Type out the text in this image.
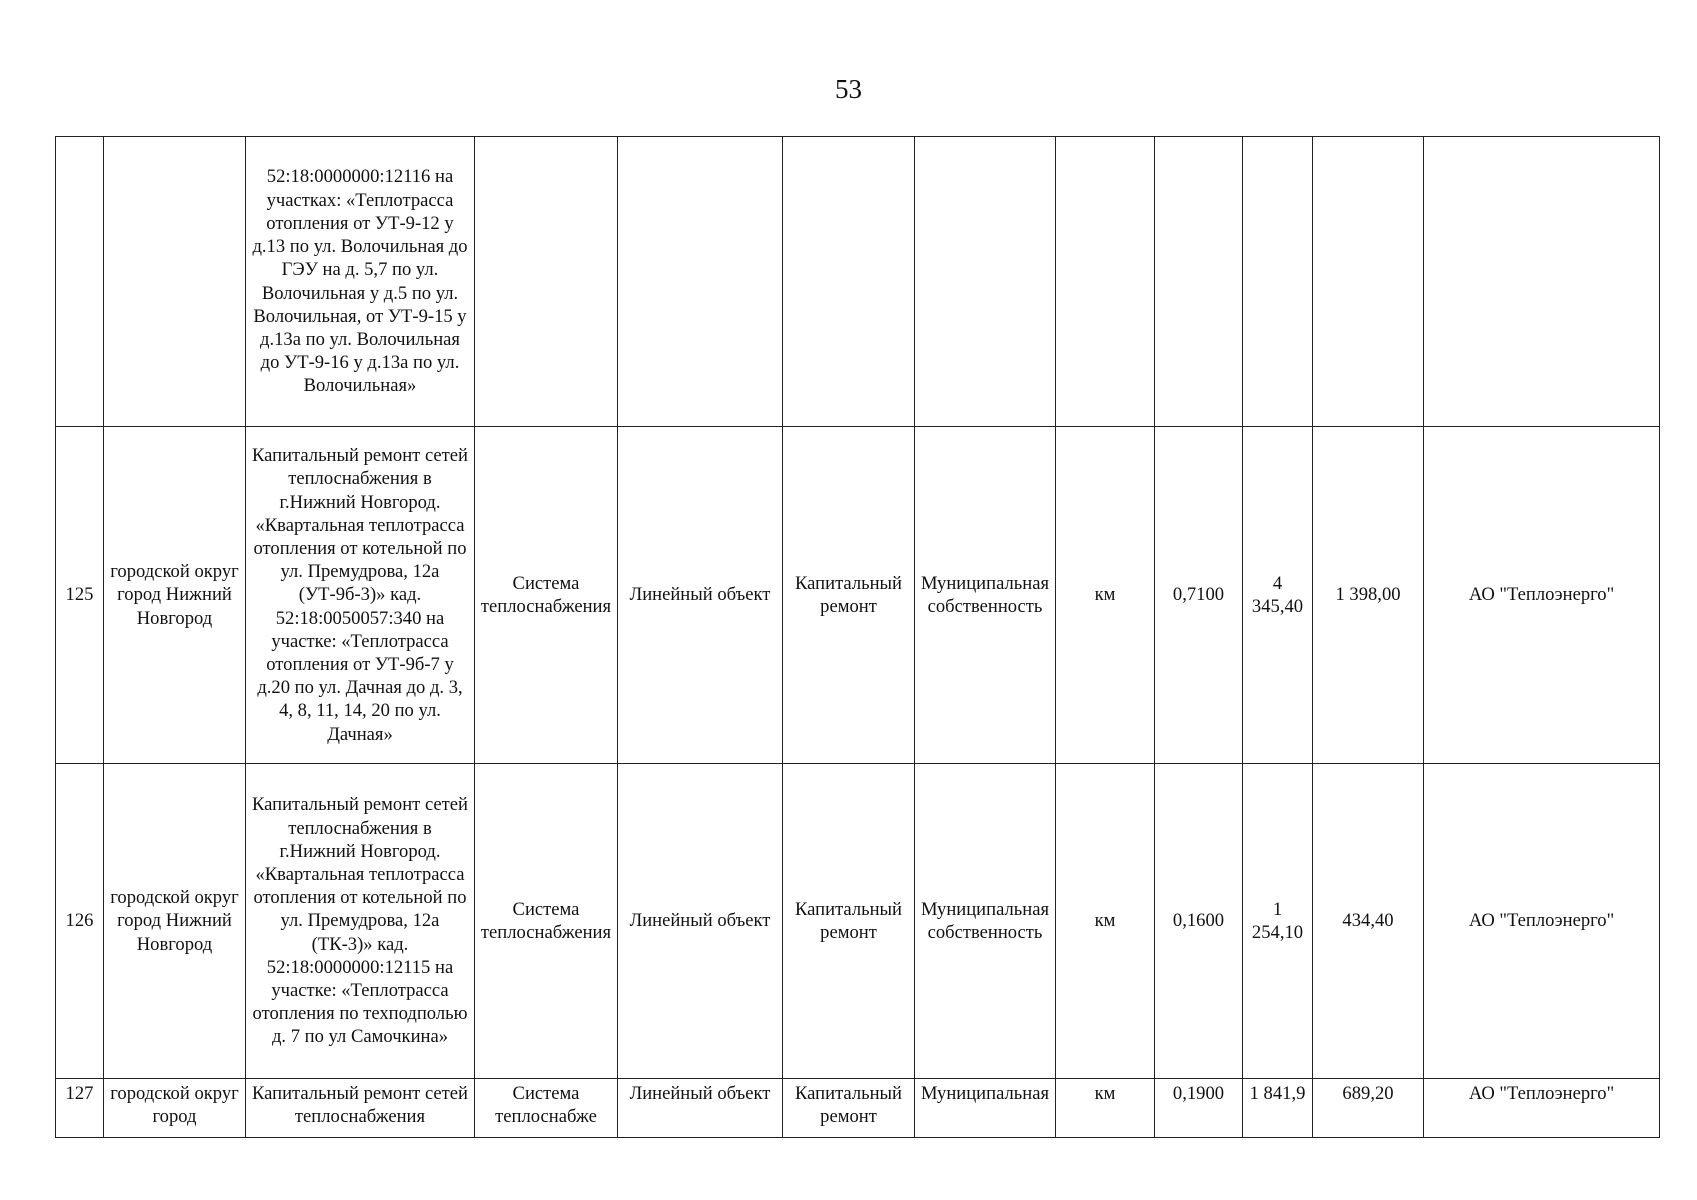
53
		52:18:0000000:12116 на участках: «Теплотрасса отопления от УТ-9-12 у д.13 по ул. Волочильная до ГЭУ на д. 5,7 по ул. Волочильная у д.5 по ул. Волочильная, от УТ-9-15 у д.13а по ул. Волочильная до УТ-9-16 у д.13а по ул. Волочильная»									
125	городской округ город Нижний Новгород	Капитальный ремонт сетей теплоснабжения в г.Нижний Новгород. «Квартальная теплотрасса отопления от котельной по ул. Премудрова, 12а (УТ-9б-3)» кад. 52:18:0050057:340 на участке: «Теплотрасса отопления от УТ-9б-7 у д.20 по ул. Дачная до д. 3, 4, 8, 11, 14, 20 по ул. Дачная»	Система теплоснабжения	Линейный объект	Капитальный ремонт	Муниципальная собственность	км	0,7100	4 345,40	1 398,00	АО "Теплоэнерго"
126	городской округ город Нижний Новгород	Капитальный ремонт сетей теплоснабжения в г.Нижний Новгород. «Квартальная теплотрасса отопления от котельной по ул. Премудрова, 12а (ТК-3)» кад. 52:18:0000000:12115 на участке: «Теплотрасса отопления по техподполью д. 7 по ул Самочкина»	Система теплоснабжения	Линейный объект	Капитальный ремонт	Муниципальная собственность	км	0,1600	1 254,10	434,40	АО "Теплоэнерго"
127	городской округ город	Капитальный ремонт сетей теплоснабжения	Система теплоснабже	Линейный объект	Капитальный ремонт	Муниципальная	км	0,1900	1 841,9	689,20	АО "Теплоэнерго"
